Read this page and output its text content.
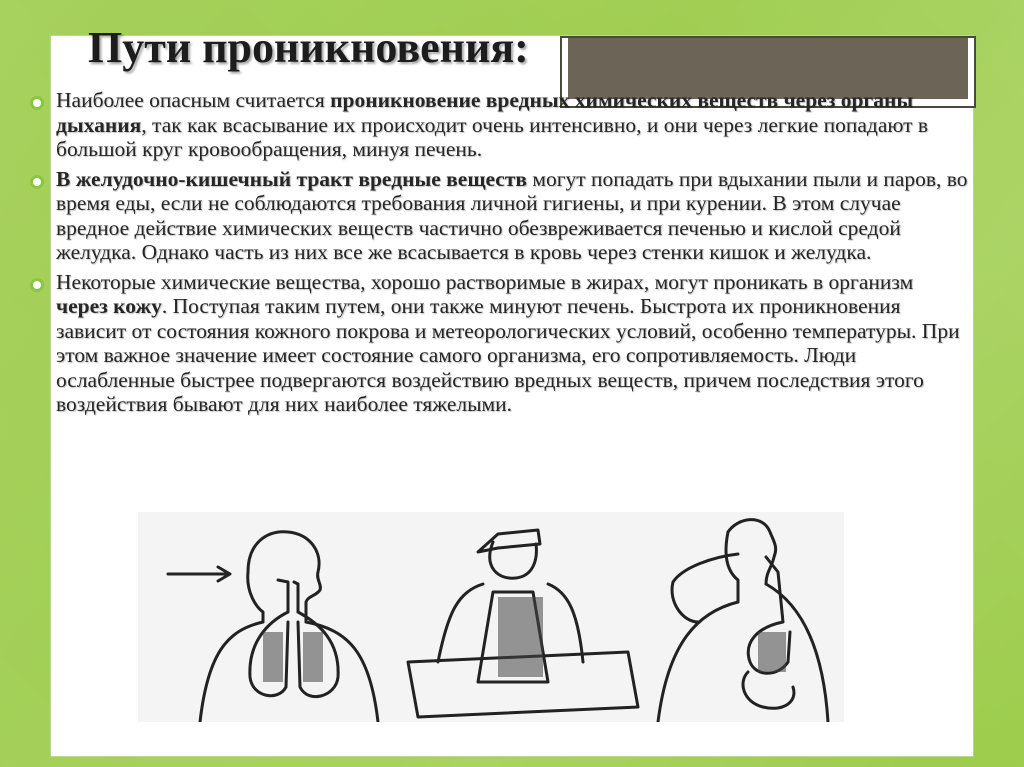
Пути проникновения:
Наиболее опасным считается проникновение вредных химических веществ через органы дыхания, так как всасывание их происходит очень интенсивно, и они через легкие попадают в большой круг кровообращения, минуя печень.
В желудочно-кишечный тракт вредные веществ могут попадать при вдыхании пыли и паров, во время еды, если не соблюдаются требования личной гигиены, и при курении. В этом случае вредное действие химических веществ частично обезвреживается печенью и кислой средой желудка. Однако часть из них все же всасывается в кровь через стенки кишок и желудка.
Некоторые химические вещества, хорошо растворимые в жирах, могут проникать в организм через кожу. Поступая таким путем, они также минуют печень. Быстрота их проникновения зависит от состояния кожного покрова и метеорологических условий, особенно температуры. При этом важное значение имеет состояние самого организма, его сопротивляемость. Люди ослабленные быстрее подвергаются воздействию вредных веществ, причем последствия этого воздействия бывают для них наиболее тяжелыми.
